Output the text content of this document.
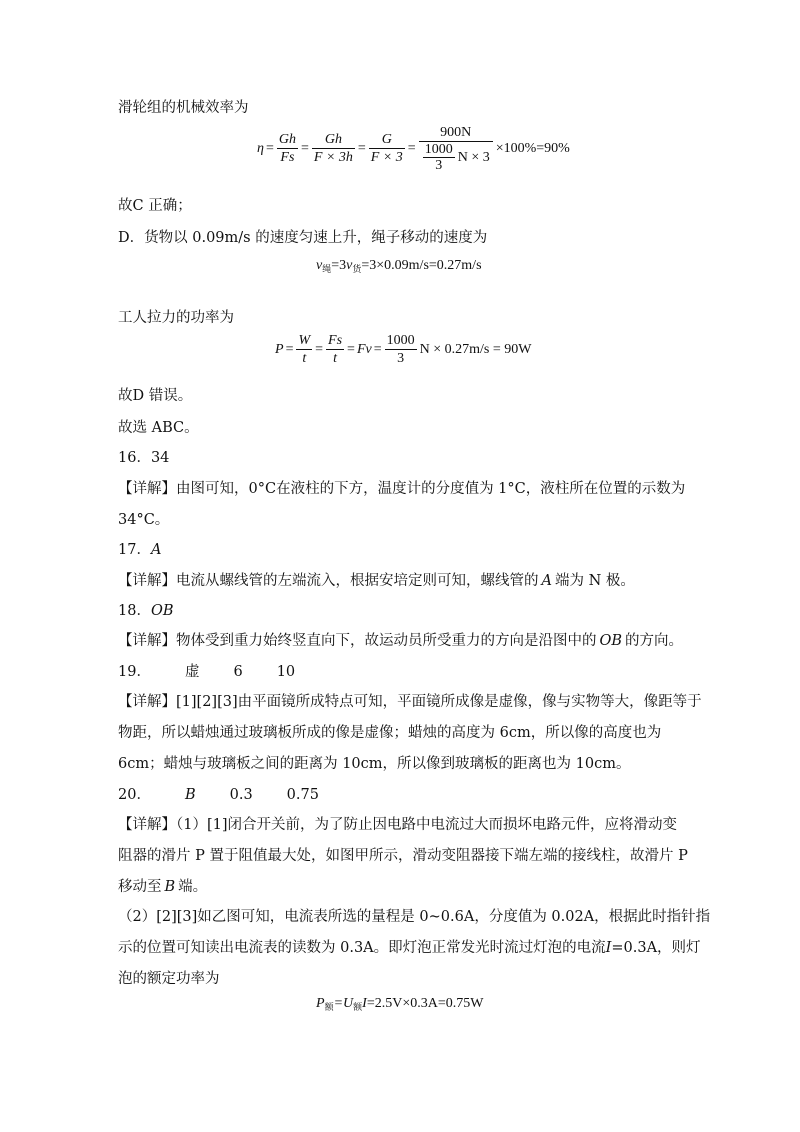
滑轮组的机械效率为
$\eta = \frac{Gh}{Fs} = \frac{Gh}{F \times 3h} = \frac{G}{F \times 3} = \frac{900N}{\frac{1000}{3} N \times 3} \times 100\%=90\%$
故C 正确；
D．货物以 0.09m/s 的速度匀速上升，绳子移动的速度为
$v_绳=3v_货=3\times 0.09m/s=0.27m/s$
工人拉力的功率为
$P = \frac{W}{t} = \frac{Fs}{t} = Fv = \frac{1000}{3}$ N × 0.27m/s = 90W
故D 错误。
故选 ABC。
16．34
【详解】由图可知，0°C在液柱的下方，温度计的分度值为 1°C，液柱所在位置的示数为
34°C。
17．A
【详解】电流从螺线管的左端流入，根据安培定则可知，螺线管的 A 端为 N 极。
18．OB
【详解】物体受到重力始终竖直向下，故运动员所受重力的方向是沿图中的 OB 的方向。
19． 虚 6 10
【详解】[1][2][3]由平面镜所成特点可知，平面镜所成像是虚像，像与实物等大，像距等于
物距，所以蜡烛通过玻璃板所成的像是虚像；蜡烛的高度为 6cm，所以像的高度也为
6cm；蜡烛与玻璃板之间的距离为 10cm，所以像到玻璃板的距离也为 10cm。
20． B 0.3 0.75
【详解】（1）[1]闭合开关前，为了防止因电路中电流过大而损坏电路元件，应将滑动变
阻器的滑片 P 置于阻值最大处，如图甲所示，滑动变阻器接下端左端的接线柱，故滑片 P
移动至 B 端。
（2）[2][3]如乙图可知，电流表所选的量程是 0~0.6A，分度值为 0.02A，根据此时指针指
示的位置可知读出电流表的读数为 0.3A。即灯泡正常发光时流过灯泡的电流I=0.3A，则灯
泡的额定功率为
$P_额=U_额I=2.5V\times 0.3A=0.75W$
